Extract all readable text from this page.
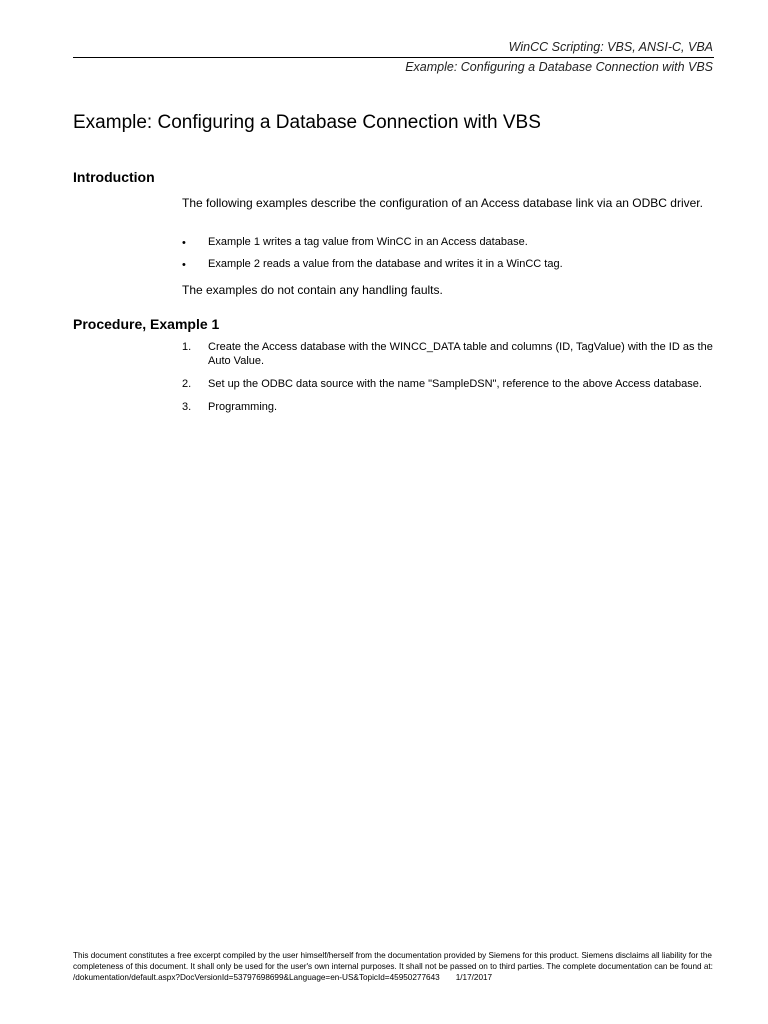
WinCC Scripting: VBS, ANSI-C, VBA
Example: Configuring a Database Connection with VBS
Example: Configuring a Database Connection with VBS
Introduction

The following examples describe the configuration of an Access database link via an ODBC driver.

• Example 1 writes a tag value from WinCC in an Access database.
• Example 2 reads a value from the database and writes it in a WinCC tag.

The examples do not contain any handling faults.

Procedure, Example 1
1. Create the Access database with the WINCC_DATA table and columns (ID, TagValue) with the ID as the Auto Value.
2. Set up the ODBC data source with the name "SampleDSN", reference to the above Access database.
3. Programming.
This document constitutes a free excerpt compiled by the user himself/herself from the documentation provided by Siemens for this product. Siemens disclaims all liability for the completeness of this document. It shall only be used for the user's own internal purposes. It shall not be passed on to third parties. The complete documentation can be found at:
/dokumentation/default.aspx?DocVersionId=53797698699&Language=en-US&TopicId=45950277643 1/17/2017
